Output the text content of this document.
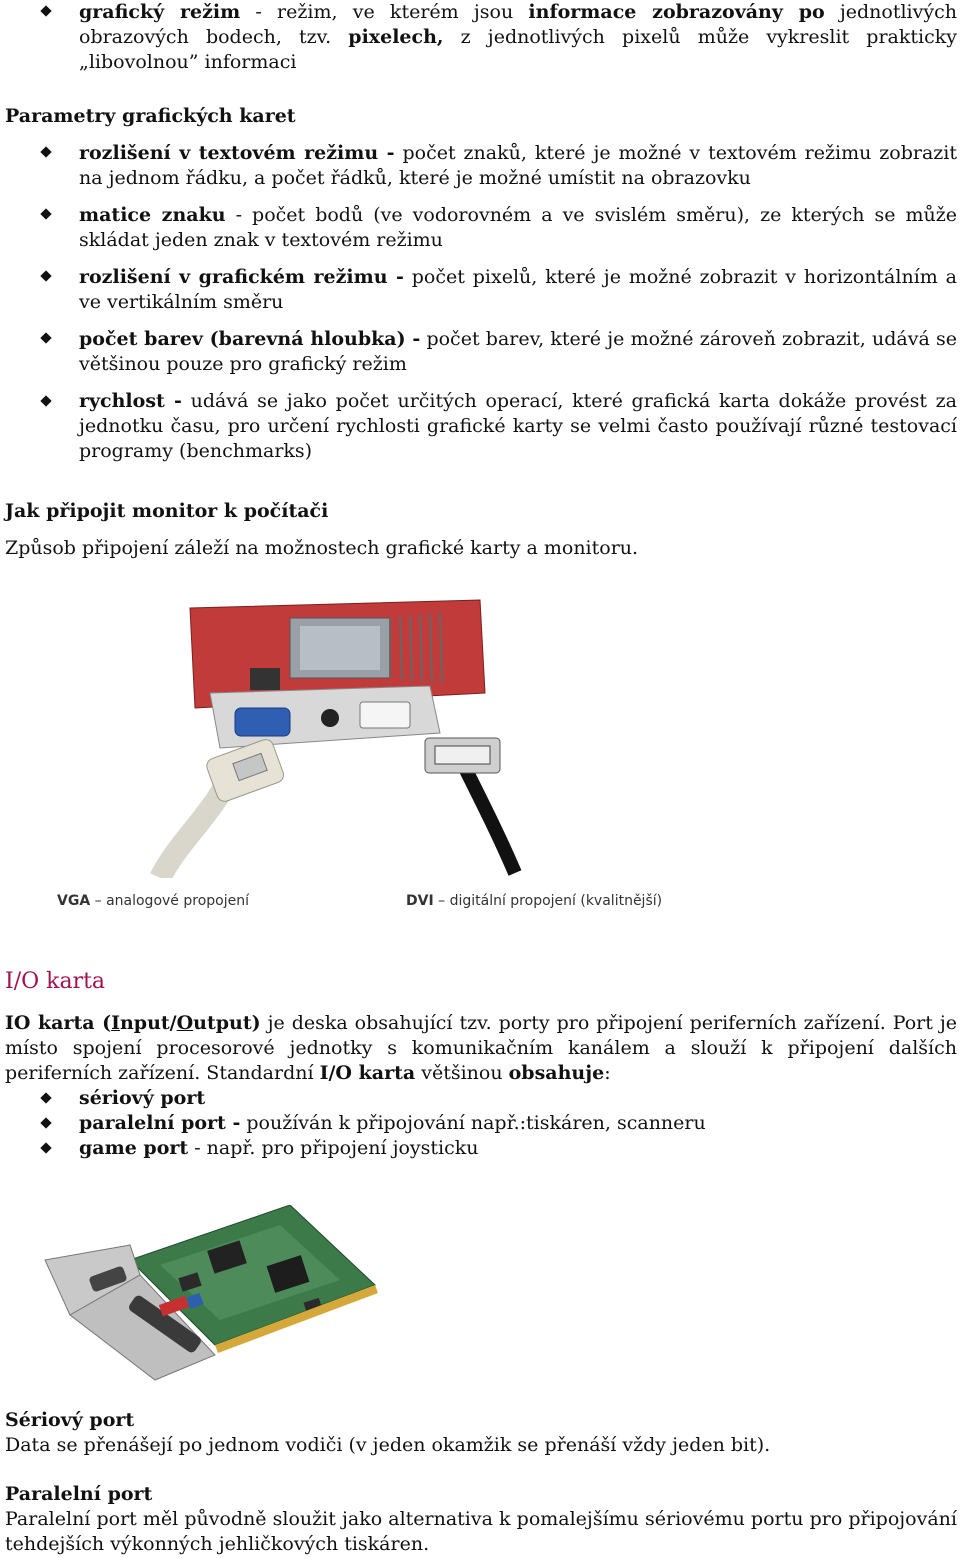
grafický režim - režim, ve kterém jsou informace zobrazovány po jednotlivých obrazových bodech, tzv. pixelech, z jednotlivých pixelů může vykreslit prakticky „libovolnou” informaci
Parametry grafických karet
rozlišení v textovém režimu - počet znaků, které je možné v textovém režimu zobrazit na jednom řádku, a počet řádků, které je možné umístit na obrazovku
matice znaku - počet bodů (ve vodorovném a ve svislém směru), ze kterých se může skládat jeden znak v textovém režimu
rozlišení v grafickém režimu - počet pixelů, které je možné zobrazit v horizontálním a ve vertikálním směru
počet barev (barevná hloubka) - počet barev, které je možné zároveň zobrazit, udává se většinou pouze pro grafický režim
rychlost - udává se jako počet určitých operací, které grafická karta dokáže provést za jednotku času, pro určení rychlosti grafické karty se velmi často používají různé testovací programy (benchmarks)
Jak připojit monitor k počítači
Způsob připojení záleží na možnostech grafické karty a monitoru.
VGA – analogové propojení	DVI – digitální propojení (kvalitnější)
I/O karta
IO karta (Input/Output) je deska obsahující tzv. porty pro připojení periferních zařízení. Port je místo spojení procesorové jednotky s komunikačním kanálem a slouží k připojení dalších periferních zařízení. Standardní I/O karta většinou obsahuje:
sériový port
paralelní port - používán k připojování např.:tiskáren, scanneru
game port - např. pro připojení joysticku
Sériový port
Data se přenášejí po jednom vodiči (v jeden okamžik se přenáší vždy jeden bit).
Paralelní port
Paralelní port měl původně sloužit jako alternativa k pomalejšímu sériovému portu pro připojování tehdejších výkonných jehličkových tiskáren.
